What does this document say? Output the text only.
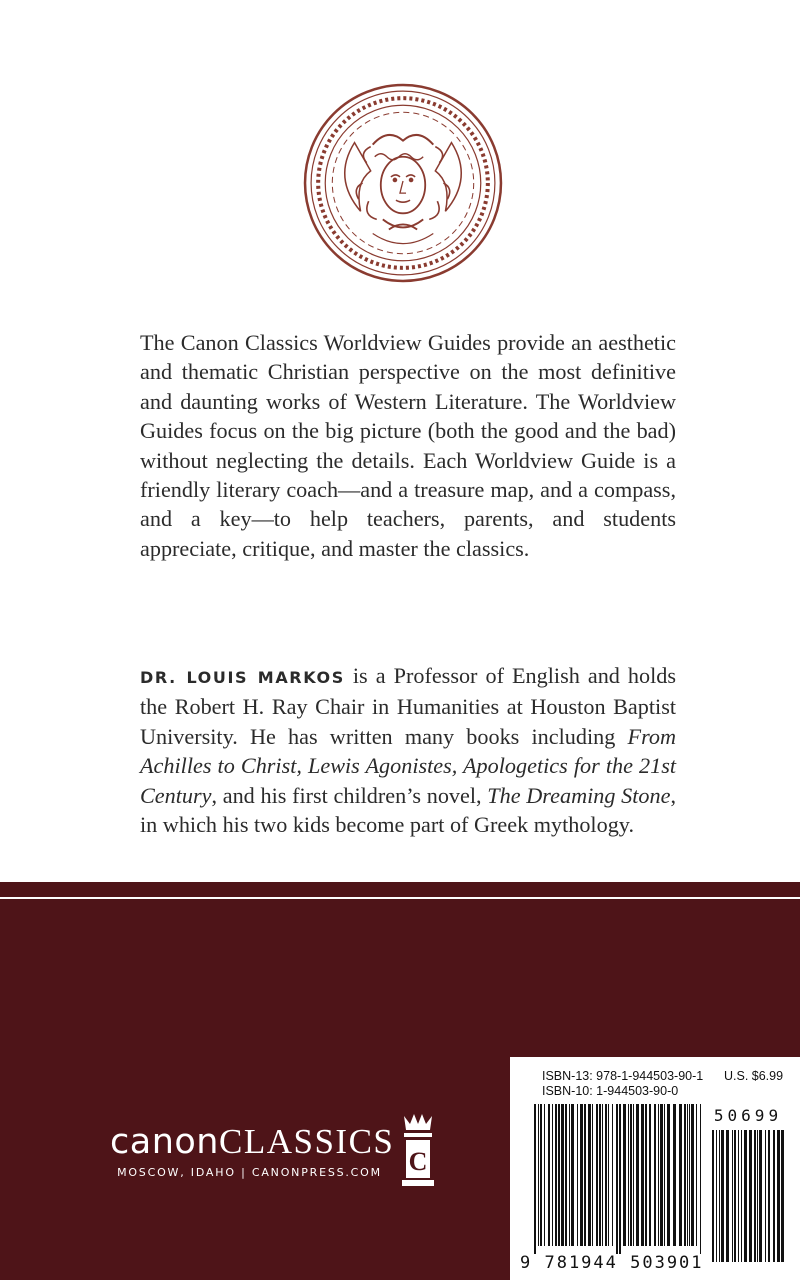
The Canon Classics Worldview Guides provide an aesthetic and thematic Christian perspective on the most definitive and daunting works of Western Literature. The Worldview Guides focus on the big picture (both the good and the bad) without neglecting the details. Each Worldview Guide is a friendly literary coach—and a treasure map, and a compass, and a key—to help teachers, parents, and students appreciate, critique, and master the classics.

DR. LOUIS MARKOS is a Professor of English and holds the Robert H. Ray Chair in Humanities at Houston Baptist University. He has written many books including From Achilles to Christ, Lewis Agonistes, Apologetics for the 21st Century, and his first children’s novel, The Dreaming Stone, in which his two kids become part of Greek mythology.

canonCLASSICS
MOSCOW, IDAHO | CANONPRESS.COM C
ISBN-13: 978-1-944503-90-1
ISBN-10: 1-944503-90-0
U.S. $6.99
50699
9 781944 503901
